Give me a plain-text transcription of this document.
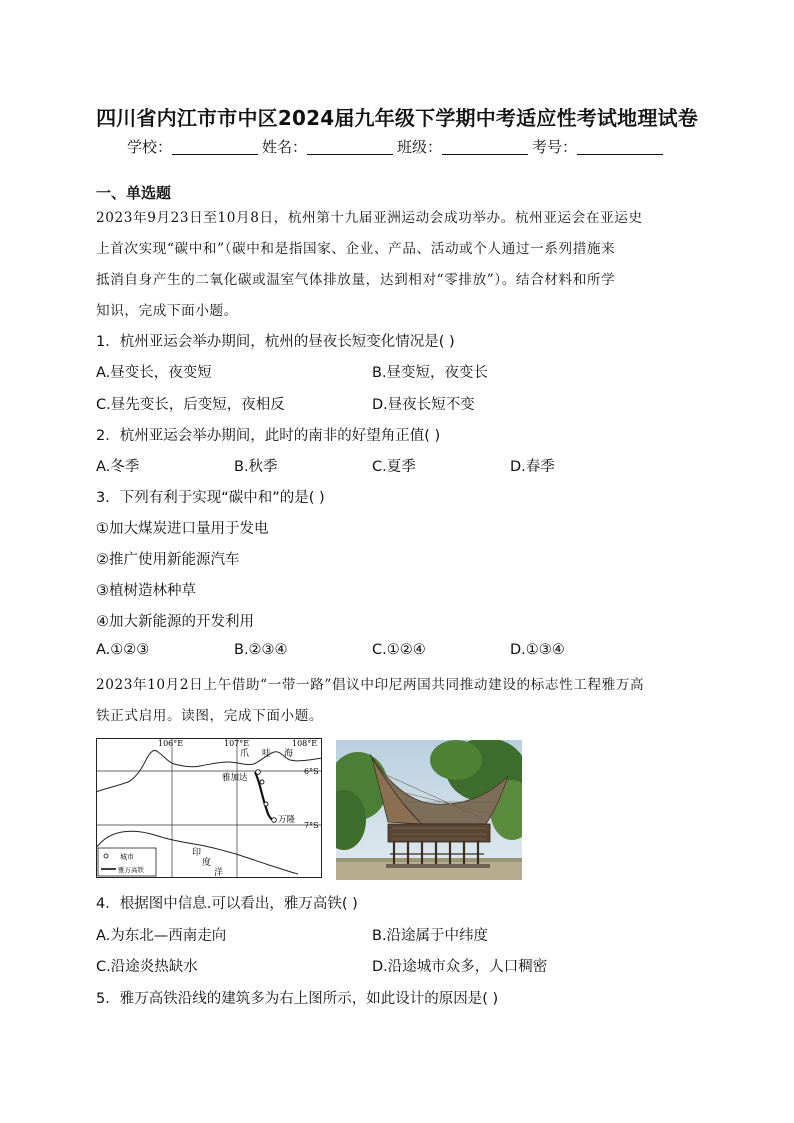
四川省内江市市中区2024届九年级下学期中考适应性考试地理试卷
学校：	姓名：	班级：	考号：
一、单选题
2023年9月23日至10月8日，杭州第十九届亚洲运动会成功举办。杭州亚运会在亚运史
上首次实现“碳中和”（碳中和是指国家、企业、产品、活动或个人通过一系列措施来
抵消自身产生的二氧化碳或温室气体排放量，达到相对“零排放”）。结合材料和所学
知识，完成下面小题。
1．杭州亚运会举办期间，杭州的昼夜长短变化情况是( )
A.昼变长，夜变短	B.昼变短，夜变长
C.昼先变长，后变短，夜相反	D.昼夜长短不变
2．杭州亚运会举办期间，此时的南非的好望角正值( )
A.冬季	B.秋季	C.夏季	D.春季
3．下列有利于实现“碳中和”的是( )
①加大煤炭进口量用于发电
②推广使用新能源汽车
③植树造林种草
④加大新能源的开发利用
A.①②③	B.②③④	C.①②④	D.①③④
2023年10月2日上午借助“一带一路”倡议中印尼两国共同推动建设的标志性工程雅万高
铁正式启用。读图，完成下面小题。
106°E	107°E	108°E
6°S
7°S
爪 哇 海
印
度
洋
雅加达
万隆
城市
雅万高铁
4．根据图中信息.可以看出，雅万高铁( )
A.为东北—西南走向	B.沿途属于中纬度
C.沿途炎热缺水	D.沿途城市众多，人口稠密
5．雅万高铁沿线的建筑多为右上图所示，如此设计的原因是( )
